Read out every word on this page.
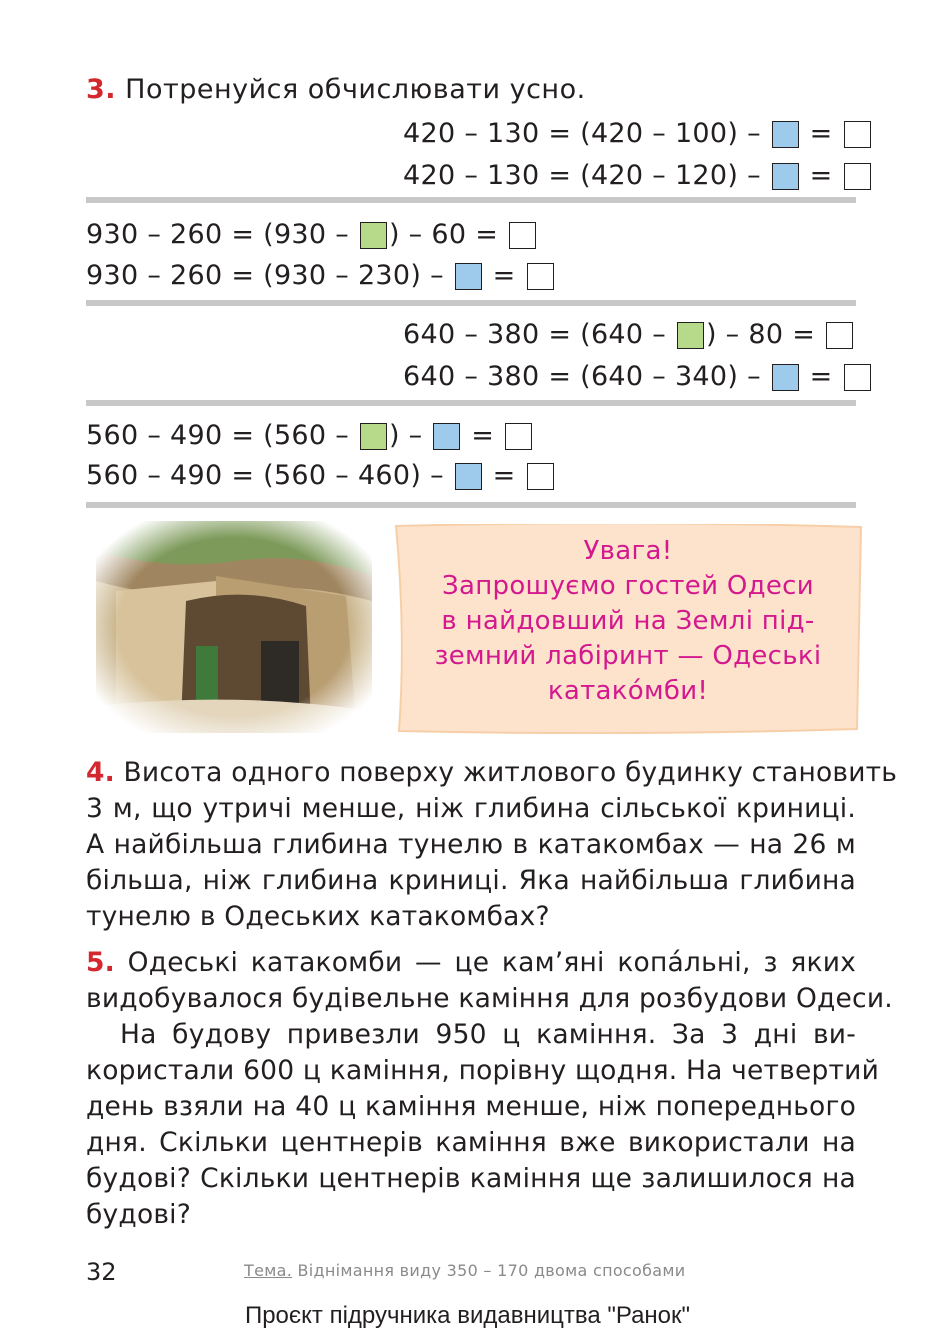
3. Потренуйся обчислювати усно.
420 – 130 = (420 – 100) – =
420 – 130 = (420 – 120) – =
930 – 260 = (930 – ) – 60 =
930 – 260 = (930 – 230) – =
640 – 380 = (640 – ) – 80 =
640 – 380 = (640 – 340) – =
560 – 490 = (560 – ) – =
560 – 490 = (560 – 460) – =
Увага!
Запрошуємо гостей Одеси
в найдовший на Землі під-
земний лабіринт — Одеські
катако́мби!
4. Висота одного поверху житлового будинку становить
3 м, що утричі менше, ніж глибина сільської криниці.
А найбільша глибина тунелю в катакомбах — на 26 м
більша, ніж глибина криниці. Яка найбільша глибина
тунелю в Одеських катакомбах?
5. Одеські катакомби — це кам’яні копа́льні, з яких
видобувалося будівельне каміння для розбудови Одеси.
На будову привезли 950 ц каміння. За 3 дні ви-
користали 600 ц каміння, порівну щодня. На четвертий
день взяли на 40 ц каміння менше, ніж попереднього
дня. Скільки центнерів каміння вже використали на
будові? Скільки центнерів каміння ще залишилося на
будові?
32	Тема. Віднімання виду 350 – 170 двома способами
Проєкт підручника видавництва "Ранок"
